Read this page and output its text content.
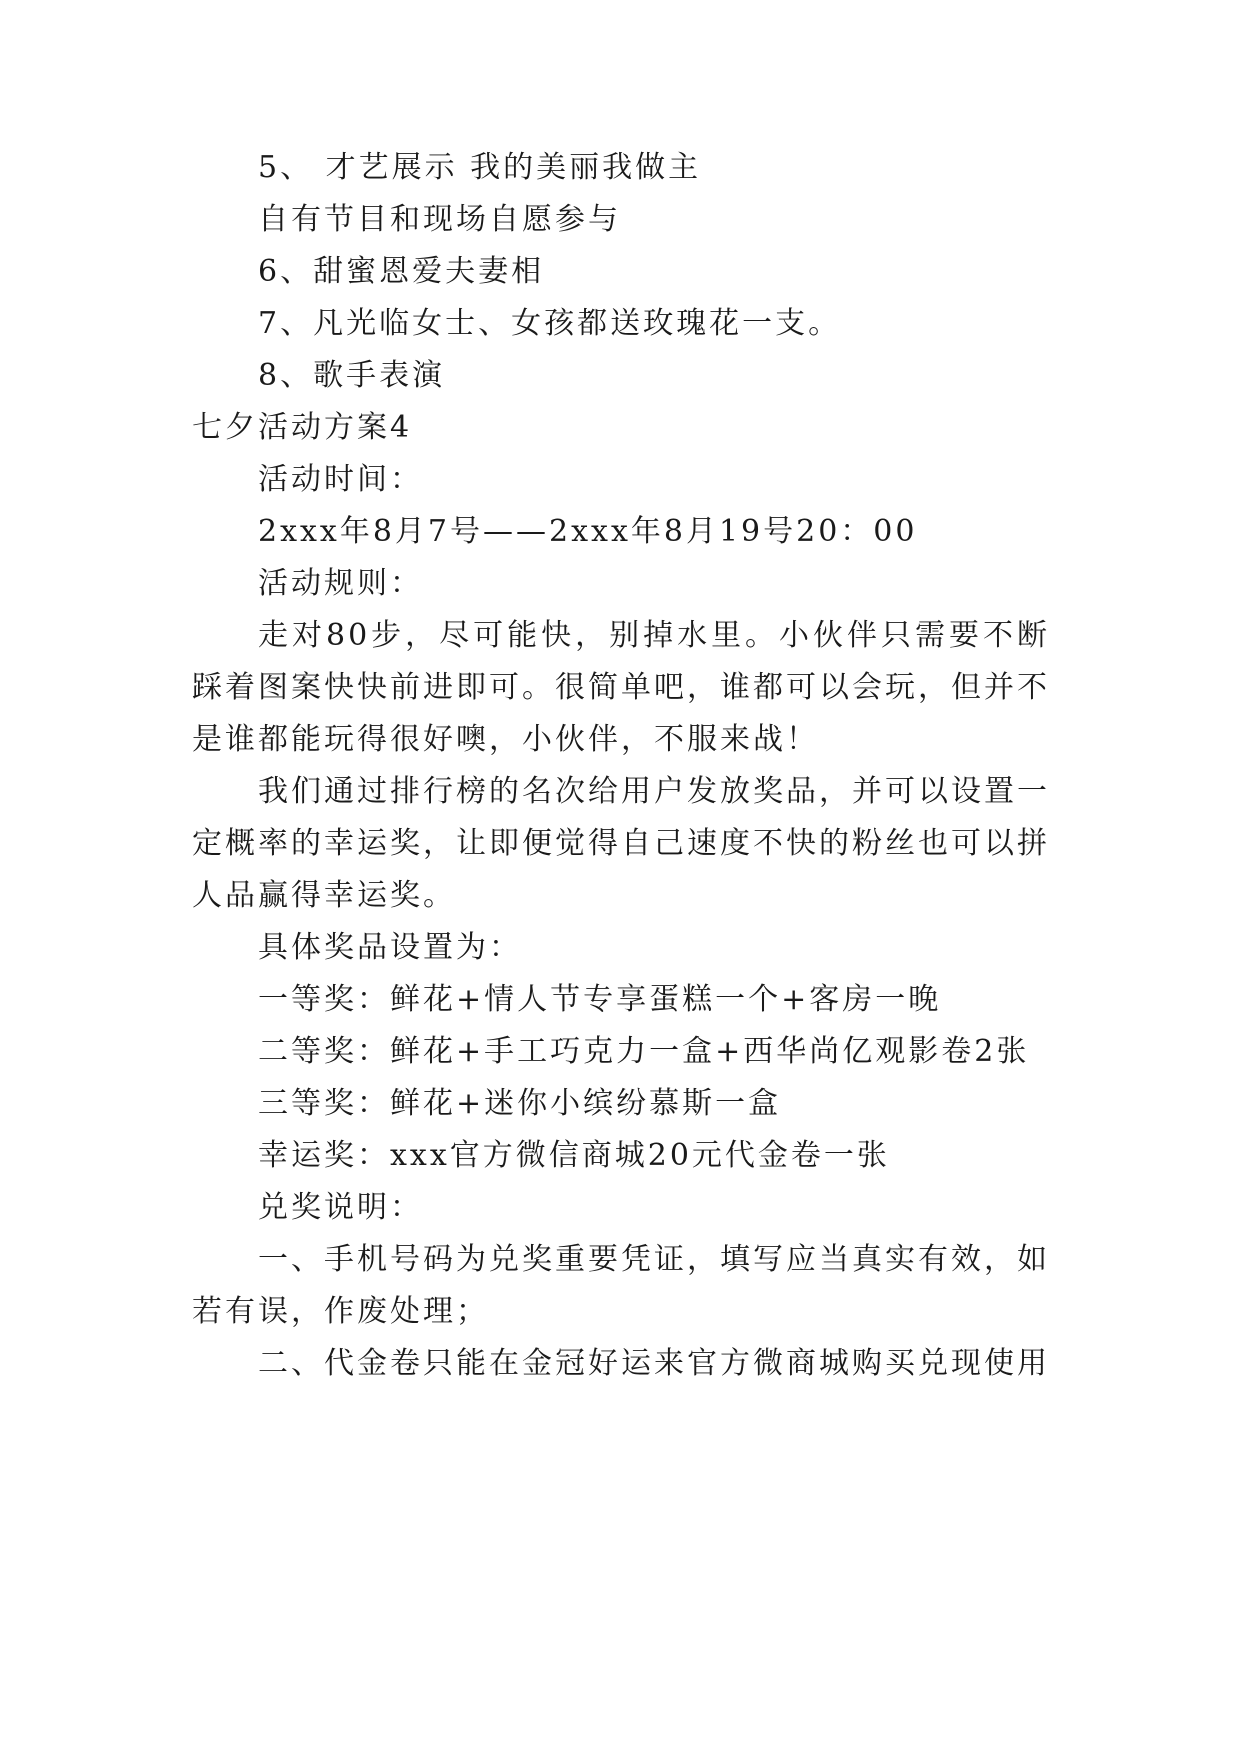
5、 才艺展示 我的美丽我做主
自有节目和现场自愿参与
6、甜蜜恩爱夫妻相
7、凡光临女士、女孩都送玫瑰花一支。
8、歌手表演
七夕活动方案4
活动时间：
2xxx年8月7号——2xxx年8月19号20：00
活动规则：
走对80步，尽可能快，别掉水里。小伙伴只需要不断
踩着图案快快前进即可。很简单吧，谁都可以会玩，但并不
是谁都能玩得很好噢，小伙伴，不服来战！
我们通过排行榜的名次给用户发放奖品，并可以设置一
定概率的幸运奖，让即便觉得自己速度不快的粉丝也可以拼
人品赢得幸运奖。
具体奖品设置为：
一等奖：鲜花+情人节专享蛋糕一个+客房一晚
二等奖：鲜花+手工巧克力一盒+西华尚亿观影卷2张
三等奖：鲜花+迷你小缤纷慕斯一盒
幸运奖：xxx官方微信商城20元代金卷一张
兑奖说明：
一、手机号码为兑奖重要凭证，填写应当真实有效，如
若有误，作废处理；
二、代金卷只能在金冠好运来官方微商城购买兑现使用
